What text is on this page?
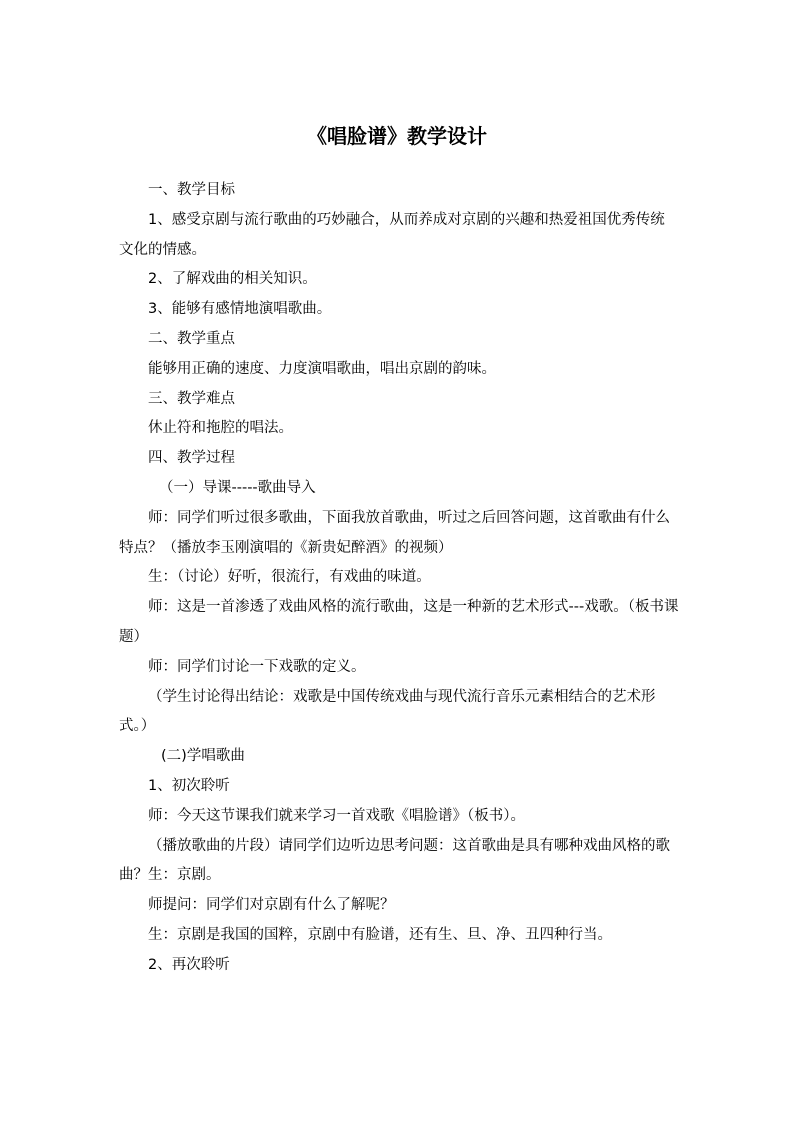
《唱脸谱》教学设计

一、教学目标

1、感受京剧与流行歌曲的巧妙融合，从而养成对京剧的兴趣和热爱祖国优秀传统文化的情感。

2、了解戏曲的相关知识。

3、能够有感情地演唱歌曲。

二、教学重点

能够用正确的速度、力度演唱歌曲，唱出京剧的韵味。

三、教学难点

休止符和拖腔的唱法。

四、教学过程

（一）导课-----歌曲导入

师：同学们听过很多歌曲，下面我放首歌曲，听过之后回答问题，这首歌曲有什么特点？（播放李玉刚演唱的《新贵妃醉酒》的视频）

生：（讨论）好听，很流行，有戏曲的味道。

师：这是一首渗透了戏曲风格的流行歌曲，这是一种新的艺术形式---戏歌。（板书课题）

师：同学们讨论一下戏歌的定义。

（学生讨论得出结论：戏歌是中国传统戏曲与现代流行音乐元素相结合的艺术形式。）

(二)学唱歌曲

1、初次聆听

师：今天这节课我们就来学习一首戏歌《唱脸谱》（板书）。

（播放歌曲的片段）请同学们边听边思考问题：这首歌曲是具有哪种戏曲风格的歌曲？生：京剧。

师提问：同学们对京剧有什么了解呢？

生：京剧是我国的国粹，京剧中有脸谱，还有生、旦、净、丑四种行当。

2、再次聆听
